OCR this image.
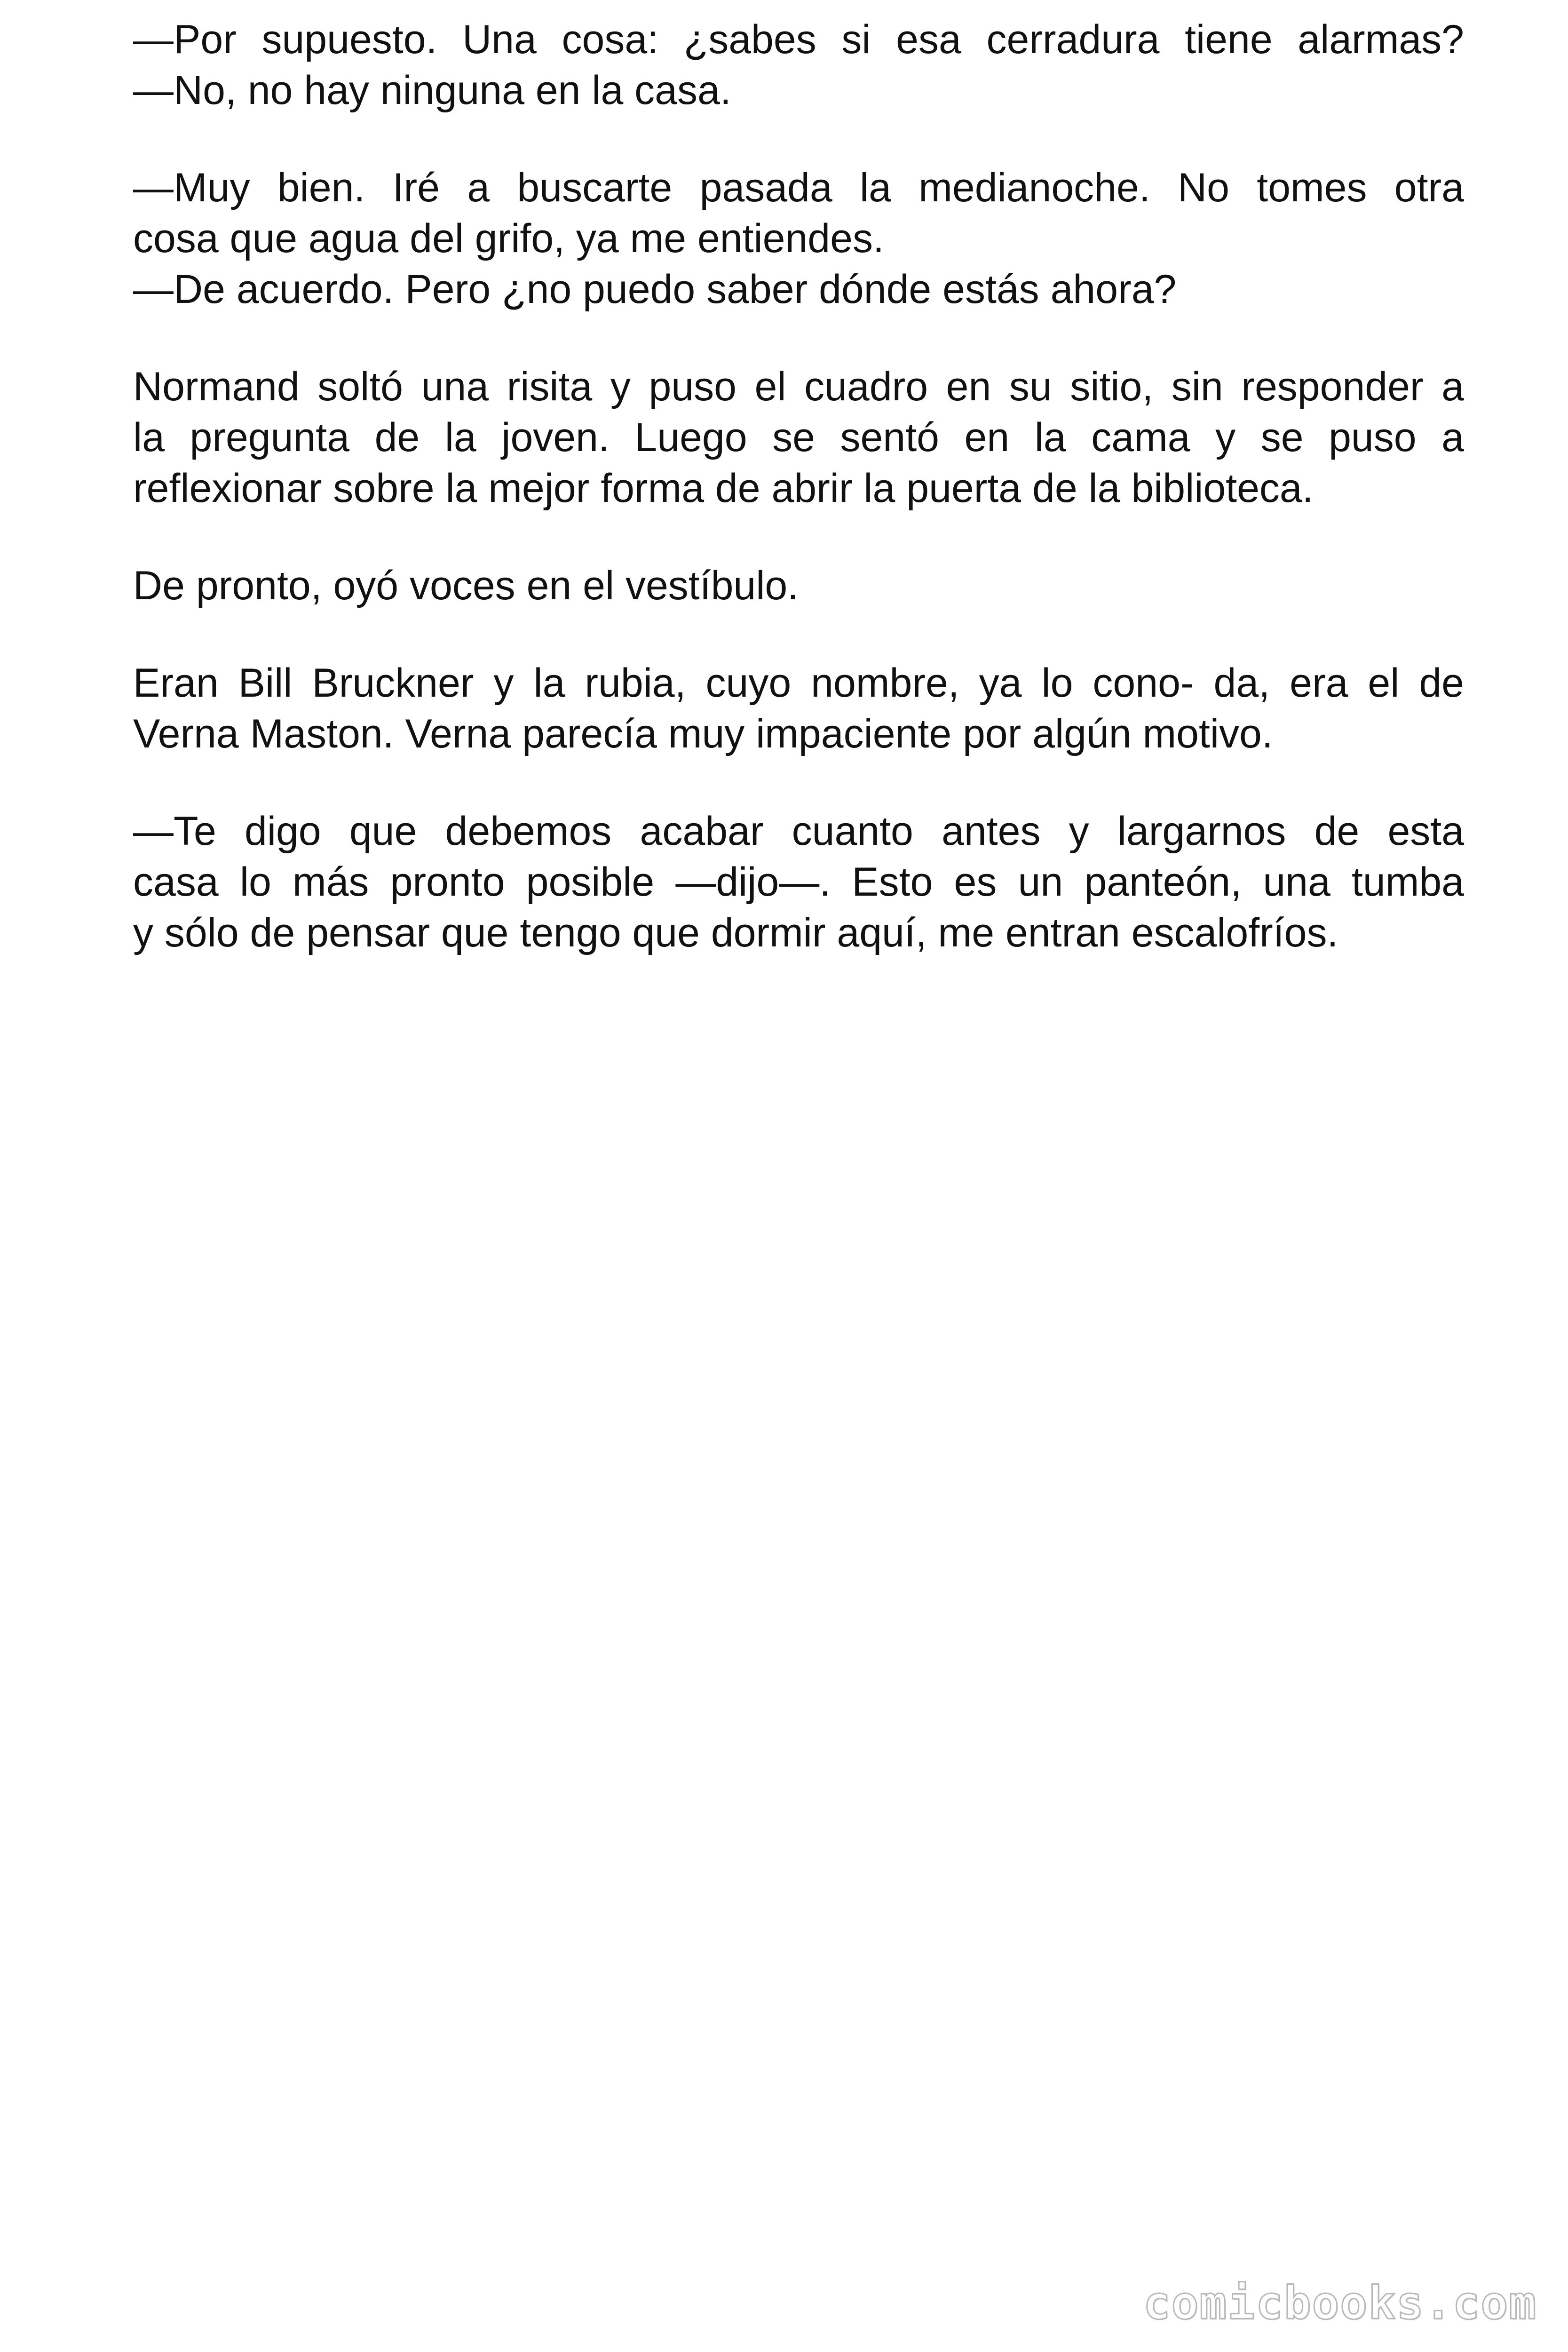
—Por supuesto. Una cosa: ¿sabes si esa cerradura tiene alarmas?
—No, no hay ninguna en la casa.

—Muy bien. Iré a buscarte pasada la medianoche. No tomes otra
cosa que agua del grifo, ya me entiendes.
—De acuerdo. Pero ¿no puedo saber dónde estás ahora?

Normand soltó una risita y puso el cuadro en su sitio, sin responder a
la pregunta de la joven. Luego se sentó en la cama y se puso a
reflexionar sobre la mejor forma de abrir la puerta de la biblioteca.

De pronto, oyó voces en el vestíbulo.

Eran Bill Bruckner y la rubia, cuyo nombre, ya lo cono- da, era el de
Verna Maston. Verna parecía muy impaciente por algún motivo.

—Te digo que debemos acabar cuanto antes y largarnos de esta
casa lo más pronto posible —dijo—. Esto es un panteón, una tumba
y sólo de pensar que tengo que dormir aquí, me entran escalofríos.

comicbooks.com
